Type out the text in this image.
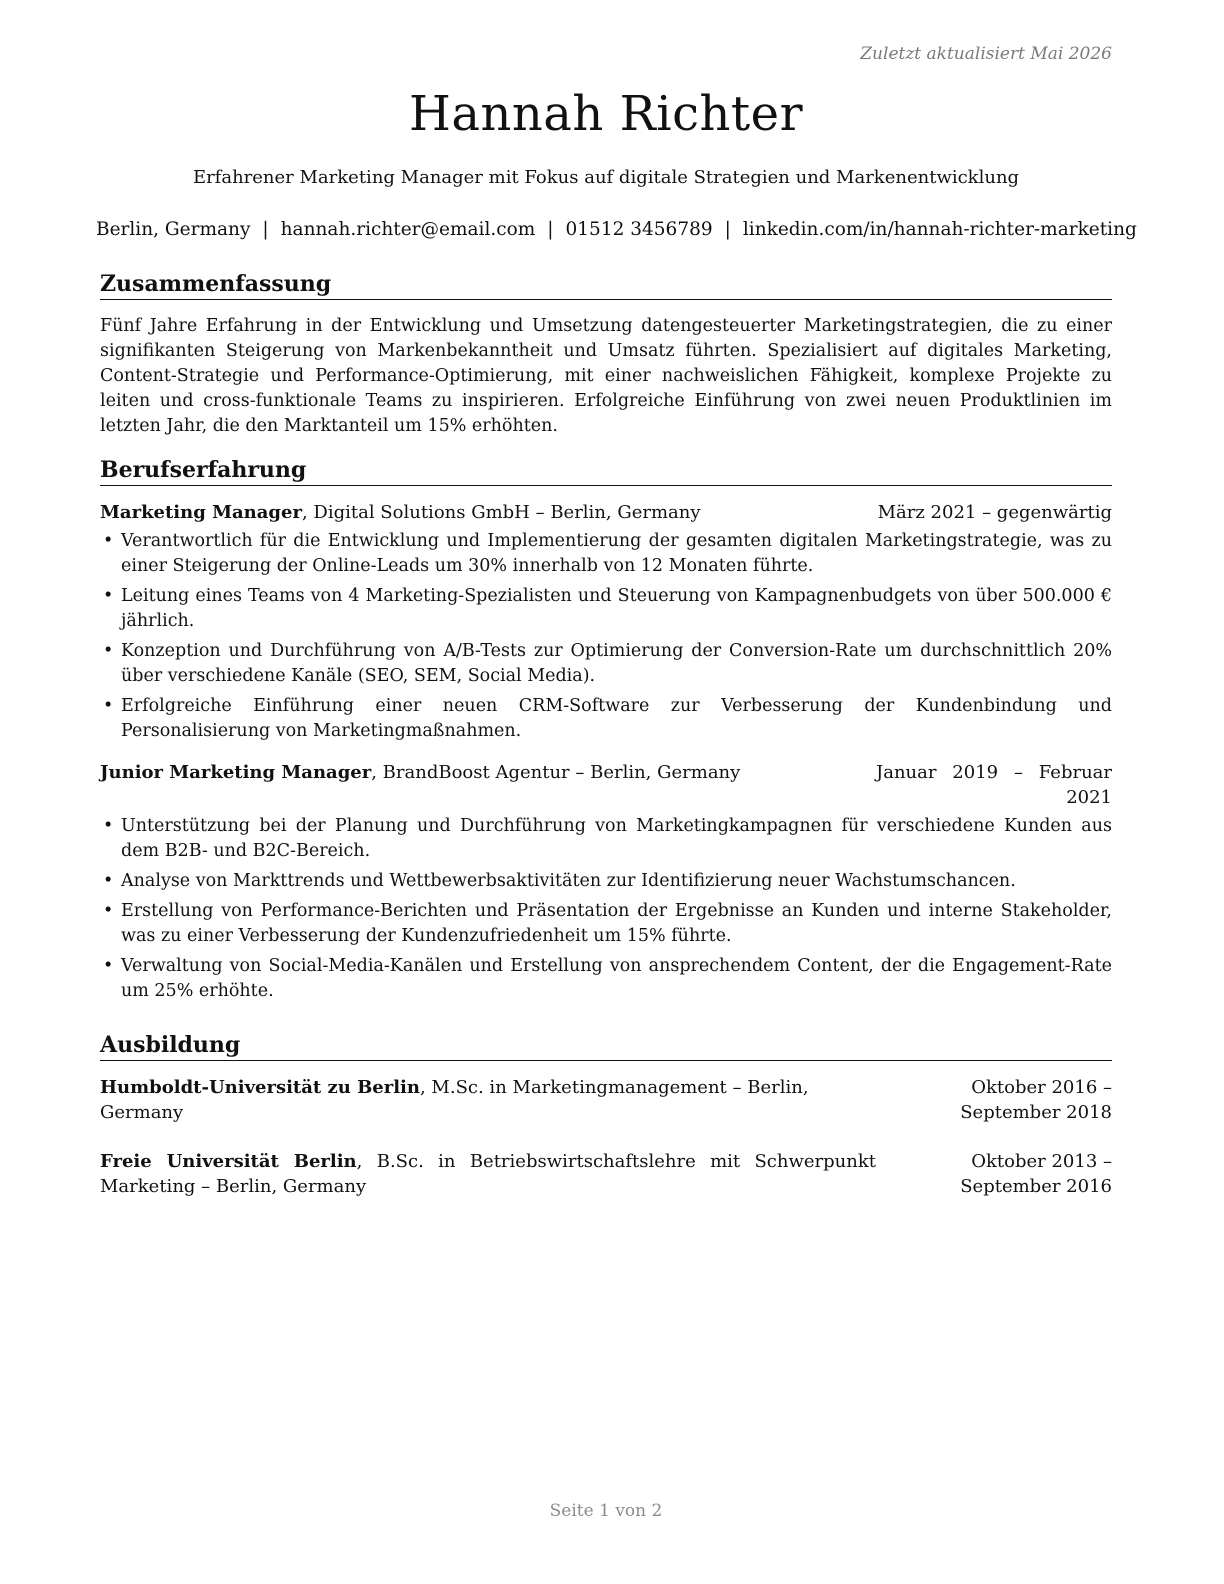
Zuletzt aktualisiert Mai 2026
Hannah Richter
Erfahrener Marketing Manager mit Fokus auf digitale Strategien und Markenentwicklung
Berlin, Germany | hannah.richter@email.com | 01512 3456789 | linkedin.com/in/hannah-richter-marketing
Zusammenfassung
Fünf Jahre Erfahrung in der Entwicklung und Umsetzung datengesteuerter Marketingstrategien, die zu einer signifikanten Steigerung von Markenbekanntheit und Umsatz führten. Spezialisiert auf digitales Marketing, Content-Strategie und Performance-Optimierung, mit einer nachweislichen Fähigkeit, komplexe Projekte zu leiten und cross-funktionale Teams zu inspirieren. Erfolgreiche Einführung von zwei neuen Produktlinien im letzten Jahr, die den Marktanteil um 15% erhöhten.
Berufserfahrung
Marketing Manager, Digital Solutions GmbH – Berlin, Germany	März 2021 – gegenwärtig
• Verantwortlich für die Entwicklung und Implementierung der gesamten digitalen Marketingstrategie, was zu einer Steigerung der Online-Leads um 30% innerhalb von 12 Monaten führte.
• Leitung eines Teams von 4 Marketing-Spezialisten und Steuerung von Kampagnenbudgets von über 500.000 € jährlich.
• Konzeption und Durchführung von A/B-Tests zur Optimierung der Conversion-Rate um durchschnittlich 20% über verschiedene Kanäle (SEO, SEM, Social Media).
• Erfolgreiche Einführung einer neuen CRM-Software zur Verbesserung der Kundenbindung und Personalisierung von Marketingmaßnahmen.
Junior Marketing Manager, BrandBoost Agentur – Berlin, Germany	Januar 2019 – Februar 2021
• Unterstützung bei der Planung und Durchführung von Marketingkampagnen für verschiedene Kunden aus dem B2B- und B2C-Bereich.
• Analyse von Markttrends und Wettbewerbsaktivitäten zur Identifizierung neuer Wachstumschancen.
• Erstellung von Performance-Berichten und Präsentation der Ergebnisse an Kunden und interne Stakeholder, was zu einer Verbesserung der Kundenzufriedenheit um 15% führte.
• Verwaltung von Social-Media-Kanälen und Erstellung von ansprechendem Content, der die Engagement-Rate um 25% erhöhte.
Ausbildung
Humboldt-Universität zu Berlin, M.Sc. in Marketingmanagement – Berlin, Germany
Oktober 2016 – September 2018
Freie Universität Berlin, B.Sc. in Betriebswirtschaftslehre mit Schwerpunkt Marketing – Berlin, Germany
Oktober 2013 – September 2016
Seite 1 von 2
